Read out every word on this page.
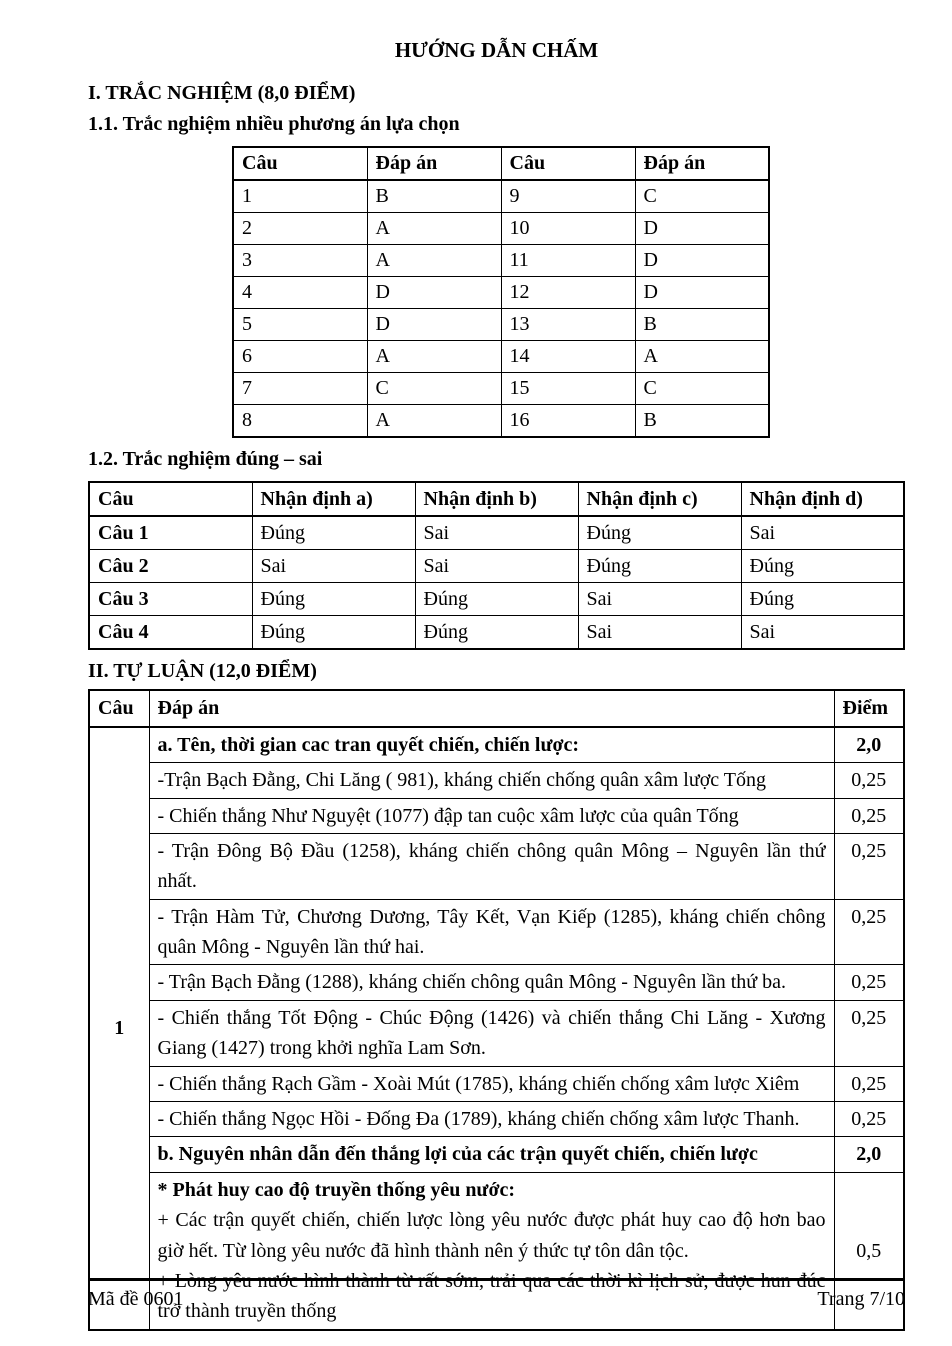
HƯỚNG DẪN CHẤM
I. TRẮC NGHIỆM (8,0 ĐIỂM)
1.1. Trắc nghiệm nhiều phương án lựa chọn
Câu	Đáp án	Câu	Đáp án
1	B	9	C
2	A	10	D
3	A	11	D
4	D	12	D
5	D	13	B
6	A	14	A
7	C	15	C
8	A	16	B
1.2. Trắc nghiệm đúng – sai
Câu	Nhận định a)	Nhận định b)	Nhận định c)	Nhận định d)
Câu 1	Đúng	Sai	Đúng	Sai
Câu 2	Sai	Sai	Đúng	Đúng
Câu 3	Đúng	Đúng	Sai	Đúng
Câu 4	Đúng	Đúng	Sai	Sai
II. TỰ LUẬN (12,0 ĐIỂM)
Câu	Đáp án	Điểm
1	a. Tên, thời gian cac tran quyết chiến, chiến lược:	2,0
	-Trận Bạch Đằng, Chi Lăng ( 981), kháng chiến chống quân xâm lược Tống	0,25
	- Chiến thắng Như Nguyệt (1077) đập tan cuộc xâm lược của quân Tống	0,25
	- Trận Đông Bộ Đầu (1258), kháng chiến chông quân Mông – Nguyên lần thứ nhất.	0,25
	- Trận Hàm Tử, Chương Dương, Tây Kết, Vạn Kiếp (1285), kháng chiến chông quân Mông - Nguyên lần thứ hai.	0,25
	- Trận Bạch Đằng (1288), kháng chiến chông quân Mông - Nguyên lần thứ ba.	0,25
	- Chiến thắng Tốt Động - Chúc Động (1426) và chiến thắng Chi Lăng - Xương Giang (1427) trong khởi nghĩa Lam Sơn.	0,25
	- Chiến thắng Rạch Gầm - Xoài Mút (1785), kháng chiến chống xâm lược Xiêm	0,25
	- Chiến thắng Ngọc Hồi - Đống Đa (1789), kháng chiến chống xâm lược Thanh.	0,25
	b. Nguyên nhân dẫn đến thắng lợi của các trận quyết chiến, chiến lược	2,0

	* Phát huy cao độ truyền thống yêu nước:
+ Các trận quyết chiến, chiến lược lòng yêu nước được phát huy cao độ hơn bao giờ hết. Từ lòng yêu nước đã hình thành nên ý thức tự tôn dân tộc.
+ Lòng yêu nước hình thành từ rất sớm, trải qua các thời kì lịch sử, được hun đúc trở thành truyền thống	0,5
Mã đề 0601	Trang 7/10
